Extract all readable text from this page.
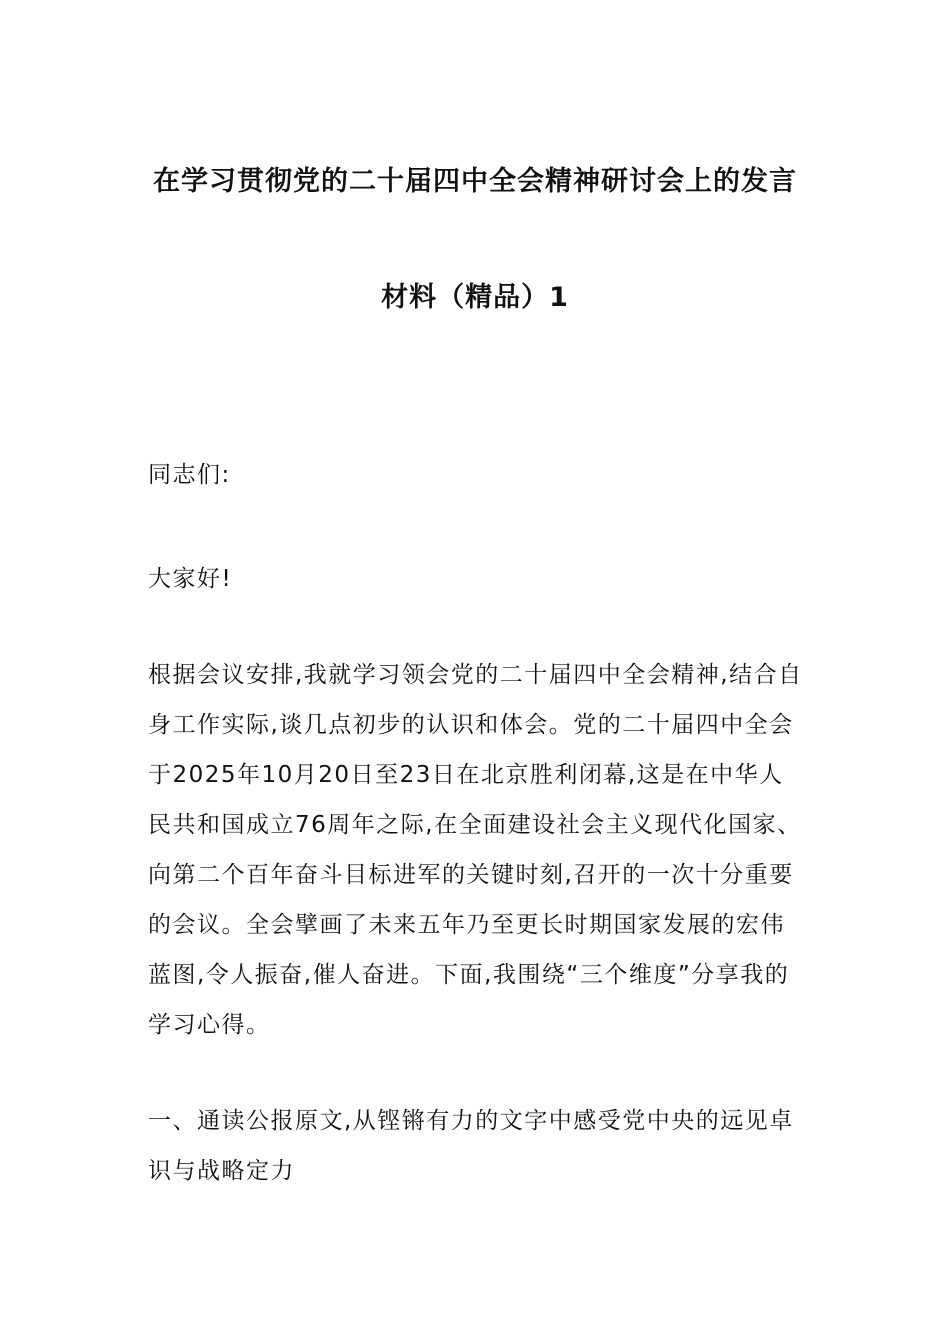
在学习贯彻党的二十届四中全会精神研讨会上的发言
材料（精品）1

同志们:

大家好!

根据会议安排,我就学习领会党的二十届四中全会精神,结合自身工作实际,谈几点初步的认识和体会。党的二十届四中全会于2025年10月20日至23日在北京胜利闭幕,这是在中华人民共和国成立76周年之际,在全面建设社会主义现代化国家、向第二个百年奋斗目标进军的关键时刻,召开的一次十分重要的会议。全会擘画了未来五年乃至更长时期国家发展的宏伟蓝图,令人振奋,催人奋进。下面,我围绕“三个维度”分享我的学习心得。

一、通读公报原文,从铿锵有力的文字中感受党中央的远见卓识与战略定力
